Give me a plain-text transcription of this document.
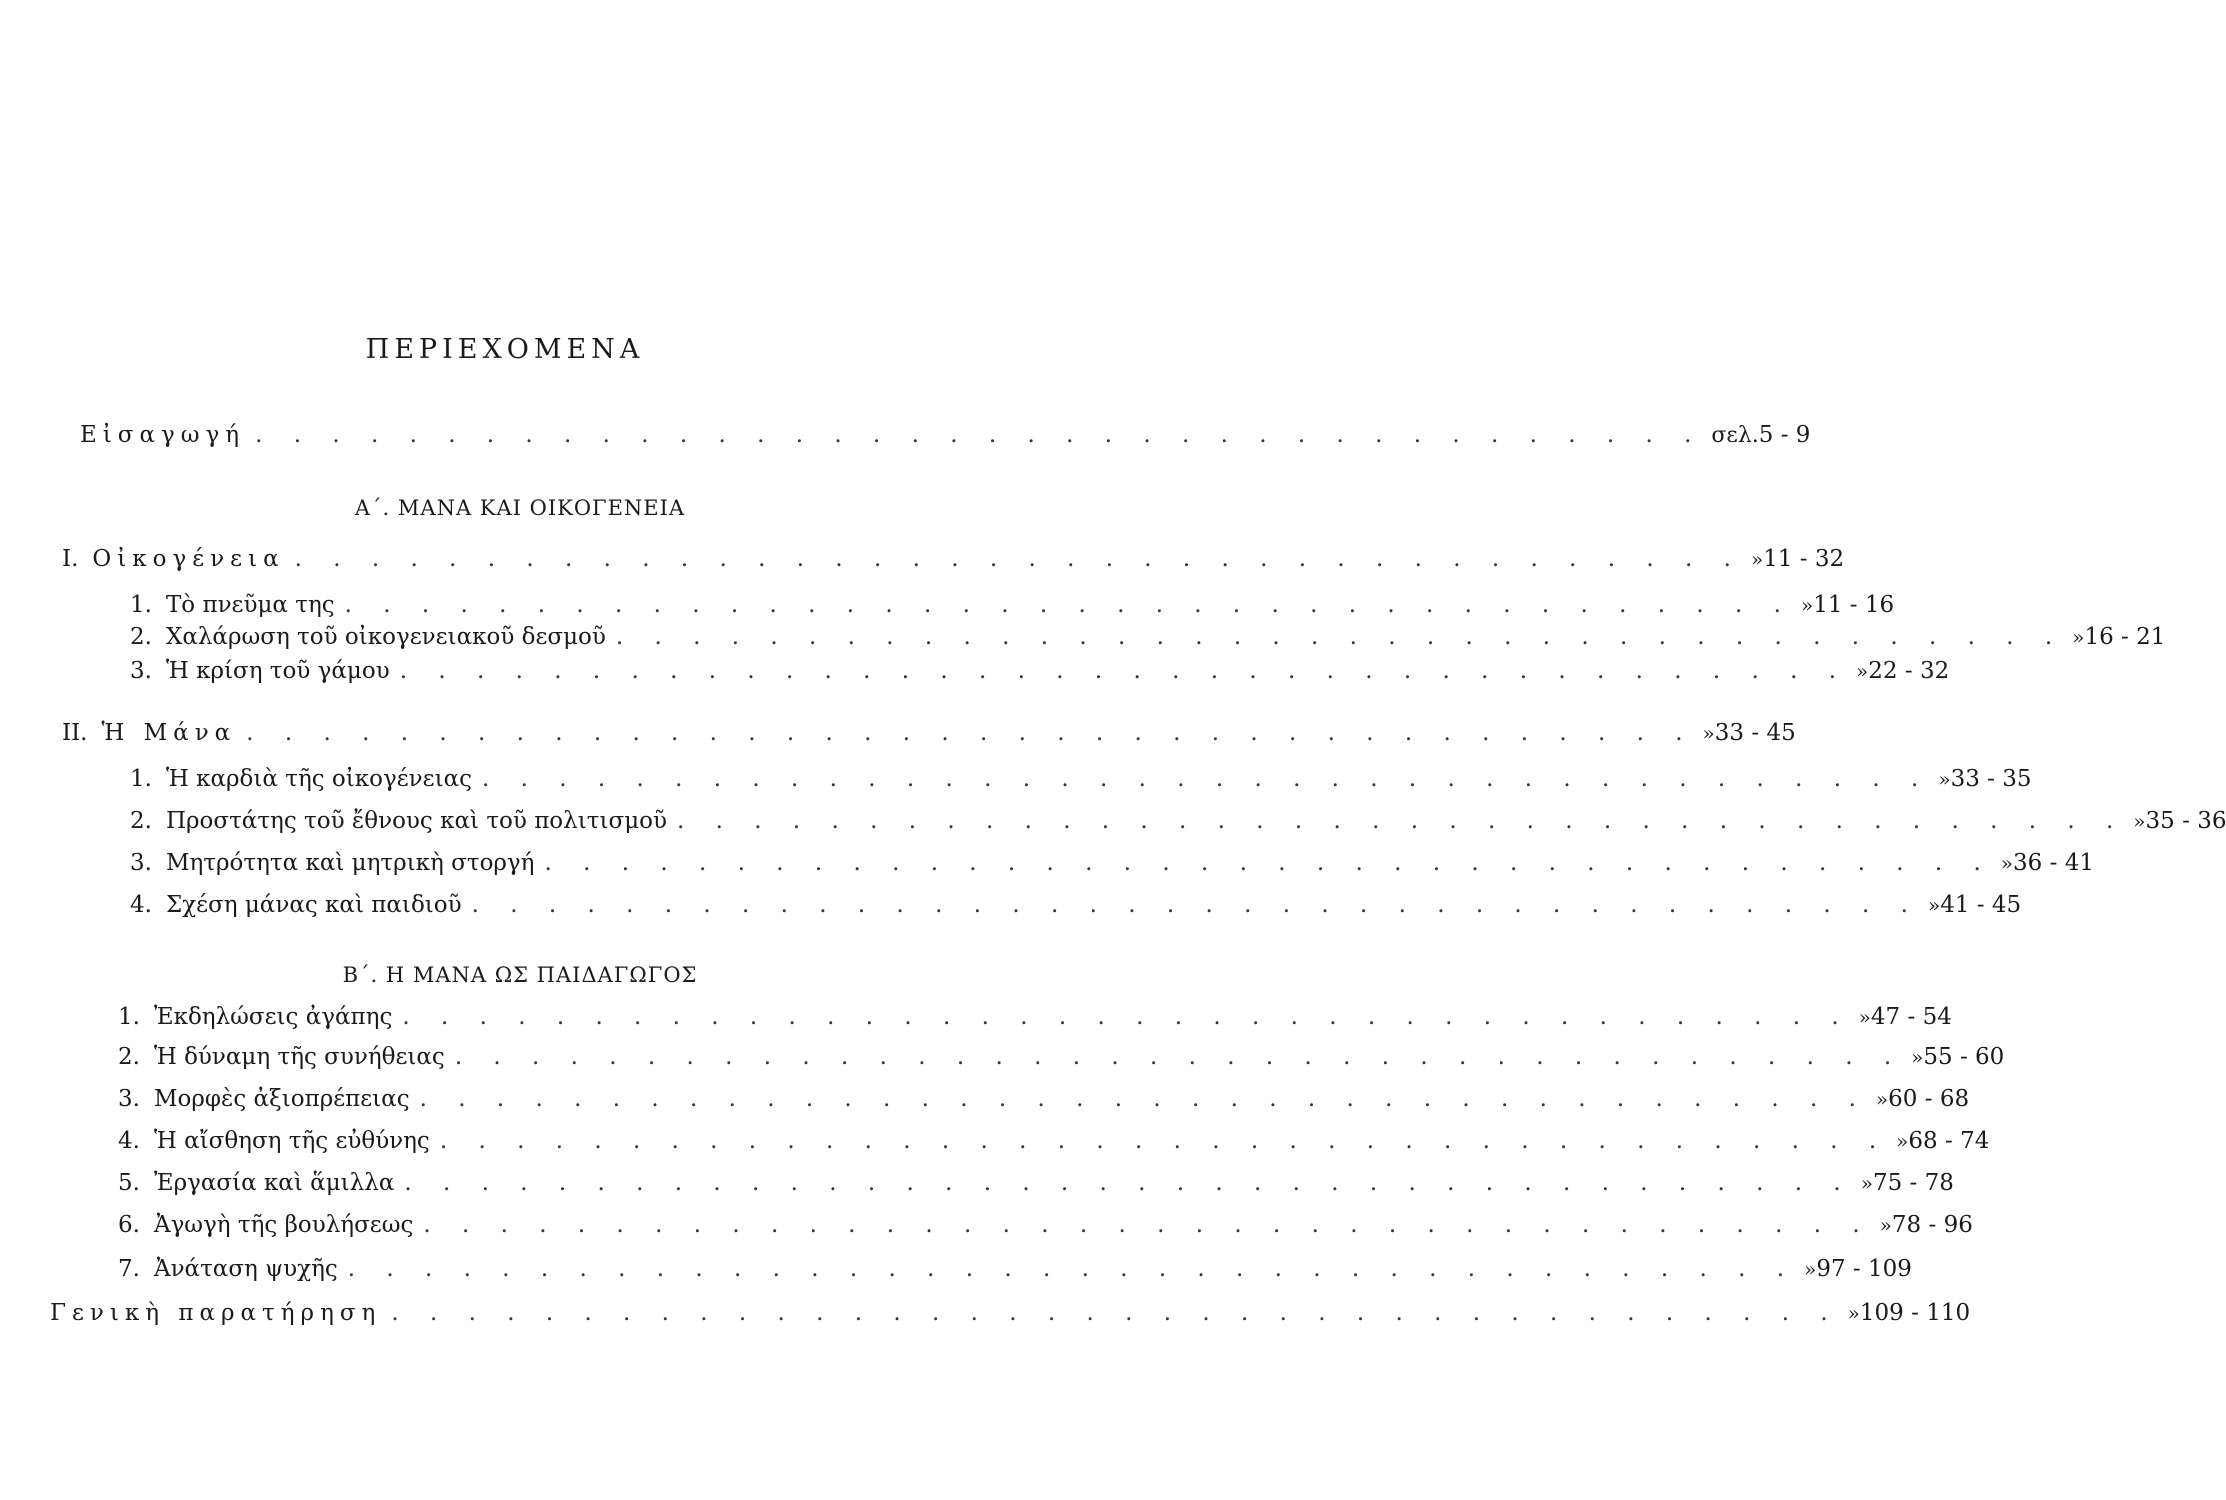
ΠΕΡΙΕΧΟΜΕΝΑ
Εἰσαγωγή . . . . . . . . . . . . . . . . . . . . . . . . . . . . . . . . . . . . . . σελ. 5 - 9
Α΄. ΜΑΝΑ ΚΑΙ ΟΙΚΟΓΕΝΕΙΑ
Ι. Οἰκογένεια . . . . . . . . . . . . . . . . . . . . . . . . . . . . . . . . . . . . . . » 11 - 32
1. Τὸ πνεῦμα της . . . . . . . . . . . . . . . . . . . . . . . . . . . . . . . . . . . . . . » 11 - 16
2. Χαλάρωση τοῦ οἰκογενειακοῦ δεσμοῦ . . . . . . . . . . . . . . . . . . . . . . . . . . . . . . . . . . . . . . » 16 - 21
3. Ἡ κρίση τοῦ γάμου . . . . . . . . . . . . . . . . . . . . . . . . . . . . . . . . . . . . . . » 22 - 32
ΙΙ. Ἡ Μάνα . . . . . . . . . . . . . . . . . . . . . . . . . . . . . . . . . . . . . . » 33 - 45
1. Ἡ καρδιὰ τῆς οἰκογένειας . . . . . . . . . . . . . . . . . . . . . . . . . . . . . . . . . . . . . . » 33 - 35
2. Προστάτης τοῦ ἔθνους καὶ τοῦ πολιτισμοῦ . . . . . . . . . . . . . . . . . . . . . . . . . . . . . . . . . . . . . . » 35 - 36
3. Μητρότητα καὶ μητρικὴ στοργή . . . . . . . . . . . . . . . . . . . . . . . . . . . . . . . . . . . . . . » 36 - 41
4. Σχέση μάνας καὶ παιδιοῦ . . . . . . . . . . . . . . . . . . . . . . . . . . . . . . . . . . . . . . » 41 - 45
Β΄. Η ΜΑΝΑ ΩΣ ΠΑΙΔΑΓΩΓΟΣ
1. Ἐκδηλώσεις ἀγάπης . . . . . . . . . . . . . . . . . . . . . . . . . . . . . . . . . . . . . . » 47 - 54
2. Ἡ δύναμη τῆς συνήθειας . . . . . . . . . . . . . . . . . . . . . . . . . . . . . . . . . . . . . . » 55 - 60
3. Μορφὲς ἀξιοπρέπειας . . . . . . . . . . . . . . . . . . . . . . . . . . . . . . . . . . . . . . » 60 - 68
4. Ἡ αἴσθηση τῆς εὐθύνης . . . . . . . . . . . . . . . . . . . . . . . . . . . . . . . . . . . . . . » 68 - 74
5. Ἐργασία καὶ ἅμιλλα . . . . . . . . . . . . . . . . . . . . . . . . . . . . . . . . . . . . . . » 75 - 78
6. Ἀγωγὴ τῆς βουλήσεως . . . . . . . . . . . . . . . . . . . . . . . . . . . . . . . . . . . . . . » 78 - 96
7. Ἀνάταση ψυχῆς . . . . . . . . . . . . . . . . . . . . . . . . . . . . . . . . . . . . . . » 97 - 109
Γενικὴ παρατήρηση . . . . . . . . . . . . . . . . . . . . . . . . . . . . . . . . . . . . . . » 109 - 110
